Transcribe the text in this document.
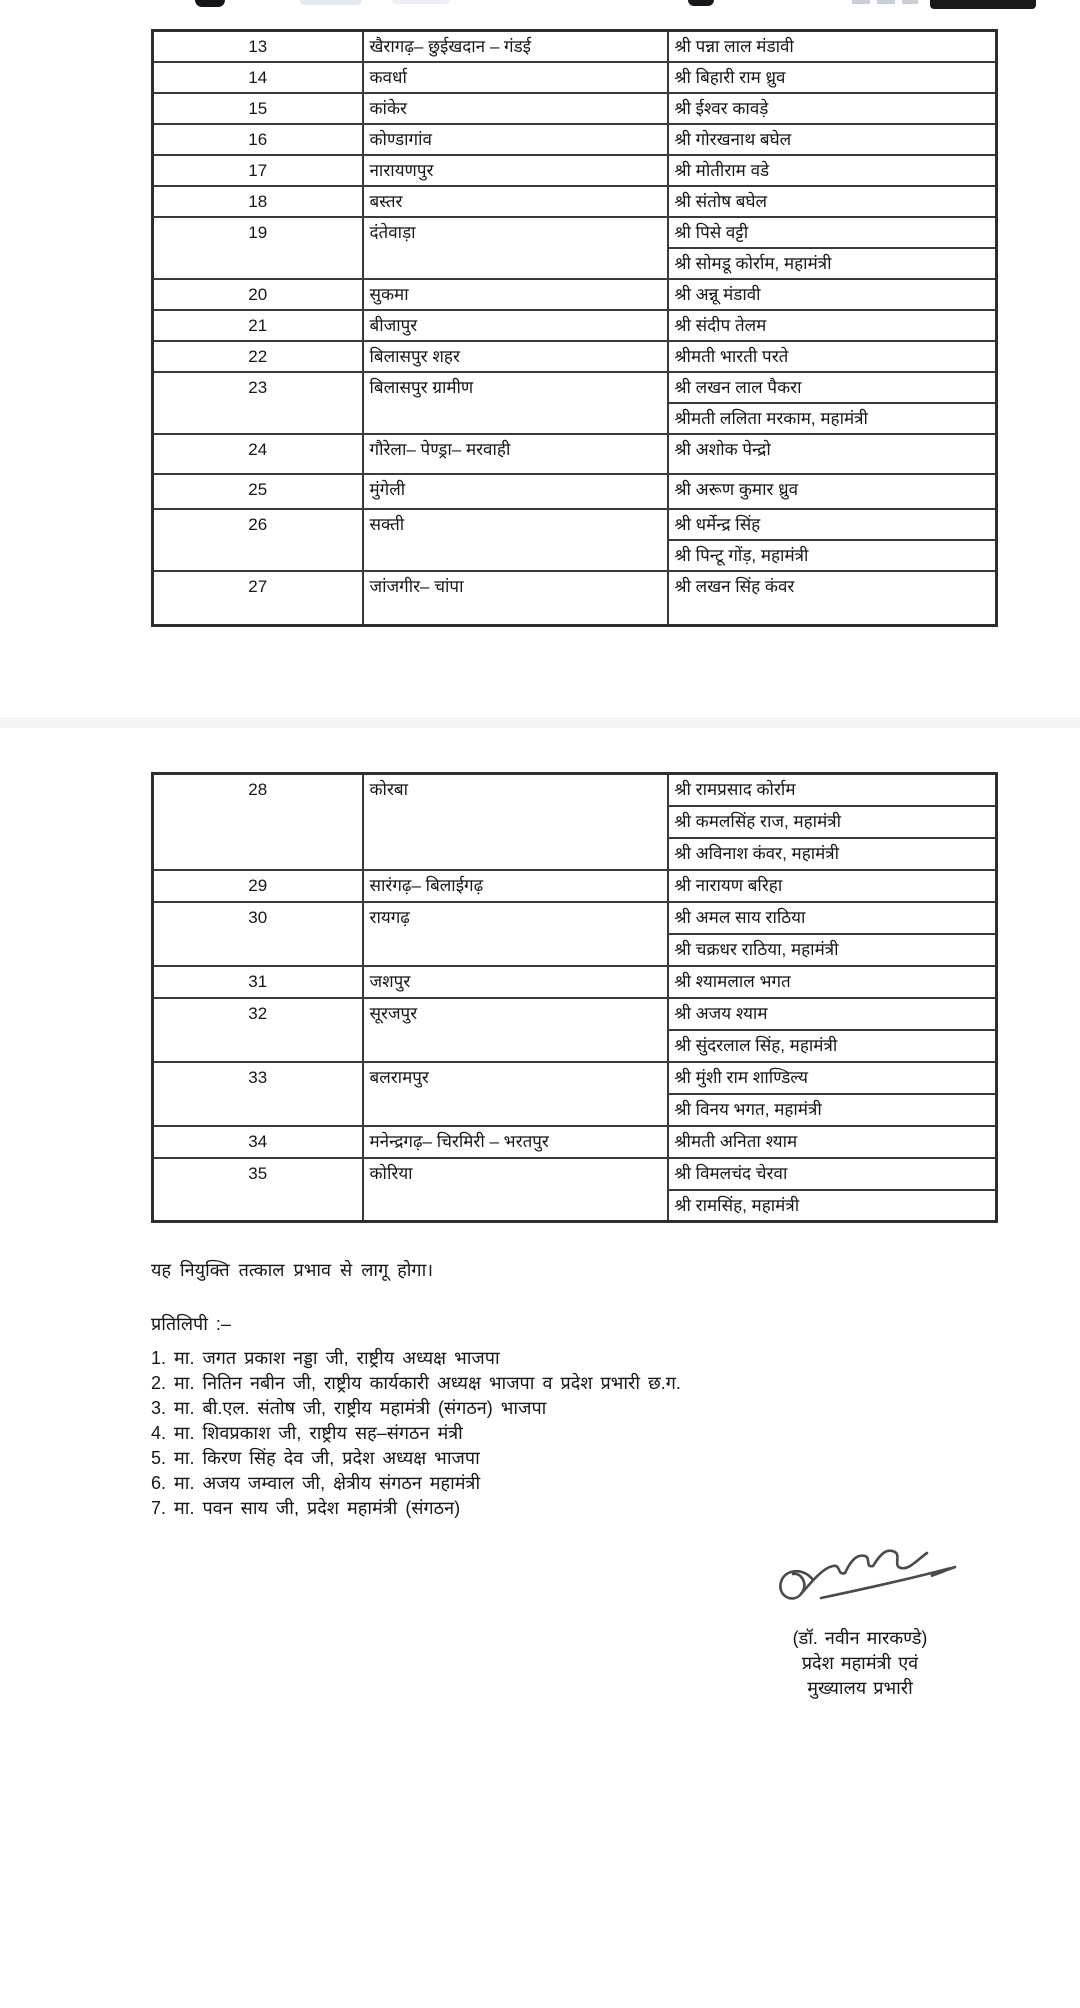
13	खैरागढ़– छुईखदान – गंडई	श्री पन्ना लाल मंडावी
14	कवर्धा	श्री बिहारी राम ध्रुव
15	कांकेर	श्री ईश्वर कावड़े
16	कोण्डागांव	श्री गोरखनाथ बघेल
17	नारायणपुर	श्री मोतीराम वडे
18	बस्तर	श्री संतोष बघेल
19	दंतेवाड़ा	श्री पिसे वट्टी
		श्री सोमडू कोर्राम, महामंत्री
20	सुकमा	श्री अन्नू मंडावी
21	बीजापुर	श्री संदीप तेलम
22	बिलासपुर शहर	श्रीमती भारती परते
23	बिलासपुर ग्रामीण	श्री लखन लाल पैकरा
		श्रीमती ललिता मरकाम, महामंत्री
24	गौरेला– पेण्ड्रा– मरवाही	श्री अशोक पेन्द्रो
25	मुंगेली	श्री अरूण कुमार ध्रुव
26	सक्ती	श्री धर्मेन्द्र सिंह
		श्री पिन्टू गोंड़, महामंत्री
27	जांजगीर– चांपा	श्री लखन सिंह कंवर
28	कोरबा	श्री रामप्रसाद कोर्राम
		श्री कमलसिंह राज, महामंत्री
		श्री अविनाश कंवर, महामंत्री
29	सारंगढ़– बिलाईगढ़	श्री नारायण बरिहा
30	रायगढ़	श्री अमल साय राठिया
		श्री चक्रधर राठिया, महामंत्री
31	जशपुर	श्री श्यामलाल भगत
32	सूरजपुर	श्री अजय श्याम
		श्री सुंदरलाल सिंह, महामंत्री
33	बलरामपुर	श्री मुंशी राम शाण्डिल्य
		श्री विनय भगत, महामंत्री
34	मनेन्द्रगढ़– चिरमिरी – भरतपुर	श्रीमती अनिता श्याम
35	कोरिया	श्री विमलचंद चेरवा
		श्री रामसिंह, महामंत्री
यह नियुक्ति तत्काल प्रभाव से लागू होगा।

प्रतिलिपी :–

1. मा. जगत प्रकाश नड्डा जी, राष्ट्रीय अध्यक्ष भाजपा
2. मा. नितिन नबीन जी, राष्ट्रीय कार्यकारी अध्यक्ष भाजपा व प्रदेश प्रभारी छ.ग.
3. मा. बी.एल. संतोष जी, राष्ट्रीय महामंत्री (संगठन) भाजपा
4. मा. शिवप्रकाश जी, राष्ट्रीय सह–संगठन मंत्री
5. मा. किरण सिंह देव जी, प्रदेश अध्यक्ष भाजपा
6. मा. अजय जम्वाल जी, क्षेत्रीय संगठन महामंत्री
7. मा. पवन साय जी, प्रदेश महामंत्री (संगठन)
(डॉ. नवीन मारकण्डे)
प्रदेश महामंत्री एवं
मुख्यालय प्रभारी
